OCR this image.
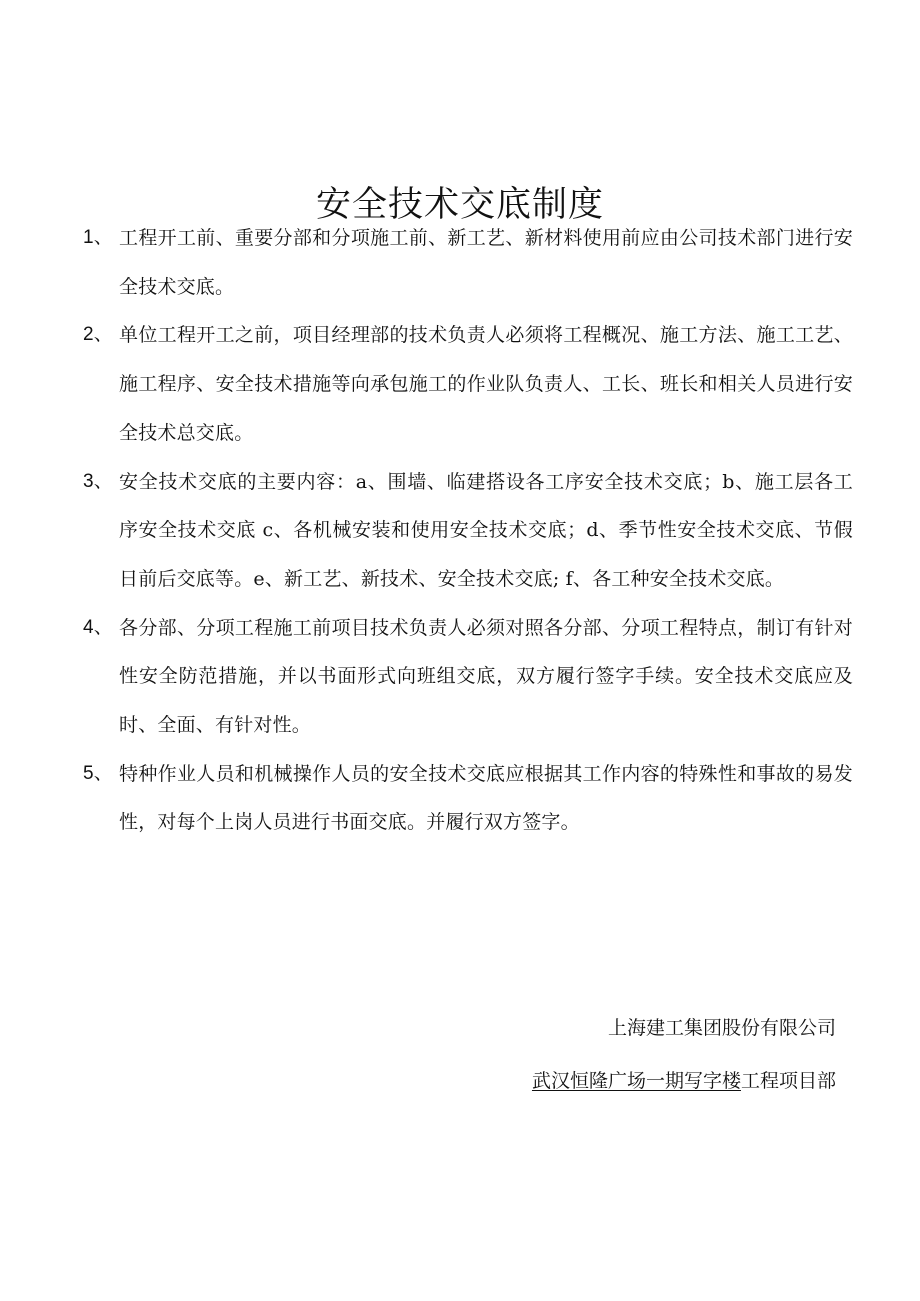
安全技术交底制度
1、 工程开工前、重要分部和分项施工前、新工艺、新材料使用前应由公司技术部门进行安全技术交底。
2、 单位工程开工之前，项目经理部的技术负责人必须将工程概况、施工方法、施工工艺、施工程序、安全技术措施等向承包施工的作业队负责人、工长、班长和相关人员进行安全技术总交底。
3、 安全技术交底的主要内容：a、围墙、临建搭设各工序安全技术交底；b、施工层各工序安全技术交底 c、各机械安装和使用安全技术交底；d、季节性安全技术交底、节假日前后交底等。e、新工艺、新技术、安全技术交底; f、各工种安全技术交底。
4、 各分部、分项工程施工前项目技术负责人必须对照各分部、分项工程特点，制订有针对性安全防范措施，并以书面形式向班组交底，双方履行签字手续。安全技术交底应及时、全面、有针对性。
5、 特种作业人员和机械操作人员的安全技术交底应根据其工作内容的特殊性和事故的易发性，对每个上岗人员进行书面交底。并履行双方签字。
上海建工集团股份有限公司
武汉恒隆广场一期写字楼工程项目部
